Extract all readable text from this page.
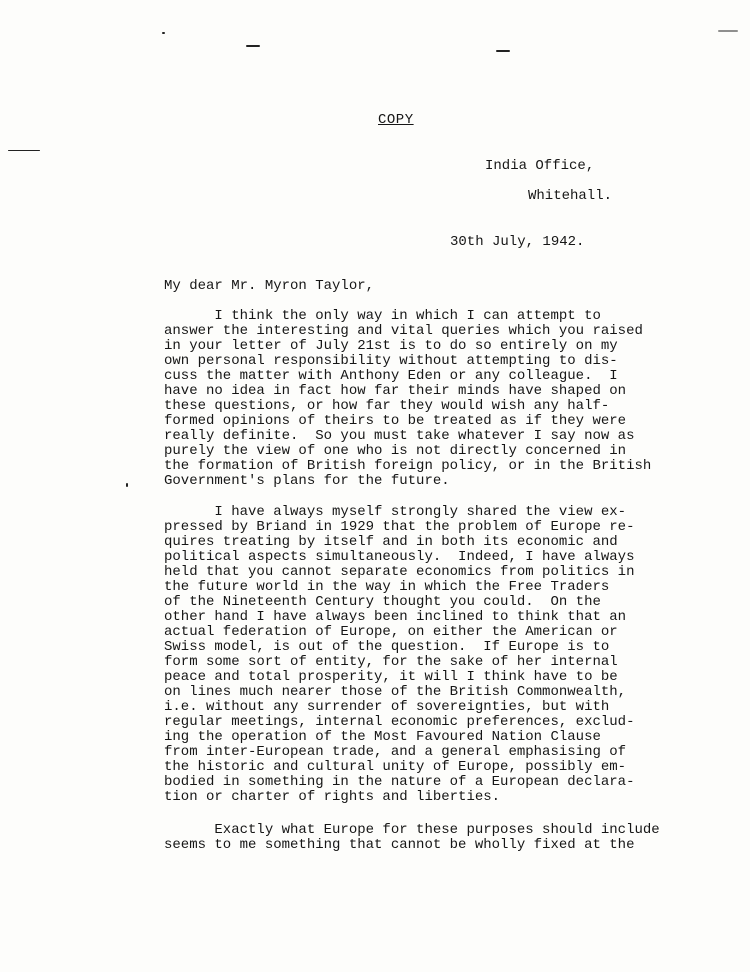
COPY
India Office,
Whitehall.
30th July, 1942.
My dear Mr. Myron Taylor,
I think the only way in which I can attempt to
answer the interesting and vital queries which you raised
in your letter of July 21st is to do so entirely on my
own personal responsibility without attempting to dis-
cuss the matter with Anthony Eden or any colleague.  I
have no idea in fact how far their minds have shaped on
these questions, or how far they would wish any half-
formed opinions of theirs to be treated as if they were
really definite.  So you must take whatever I say now as
purely the view of one who is not directly concerned in
the formation of British foreign policy, or in the British
Government's plans for the future.
I have always myself strongly shared the view ex-
pressed by Briand in 1929 that the problem of Europe re-
quires treating by itself and in both its economic and
political aspects simultaneously.  Indeed, I have always
held that you cannot separate economics from politics in
the future world in the way in which the Free Traders
of the Nineteenth Century thought you could.  On the
other hand I have always been inclined to think that an
actual federation of Europe, on either the American or
Swiss model, is out of the question.  If Europe is to
form some sort of entity, for the sake of her internal
peace and total prosperity, it will I think have to be
on lines much nearer those of the British Commonwealth,
i.e. without any surrender of sovereignties, but with
regular meetings, internal economic preferences, exclud-
ing the operation of the Most Favoured Nation Clause
from inter-European trade, and a general emphasising of
the historic and cultural unity of Europe, possibly em-
bodied in something in the nature of a European declara-
tion or charter of rights and liberties.
Exactly what Europe for these purposes should include
seems to me something that cannot be wholly fixed at the
